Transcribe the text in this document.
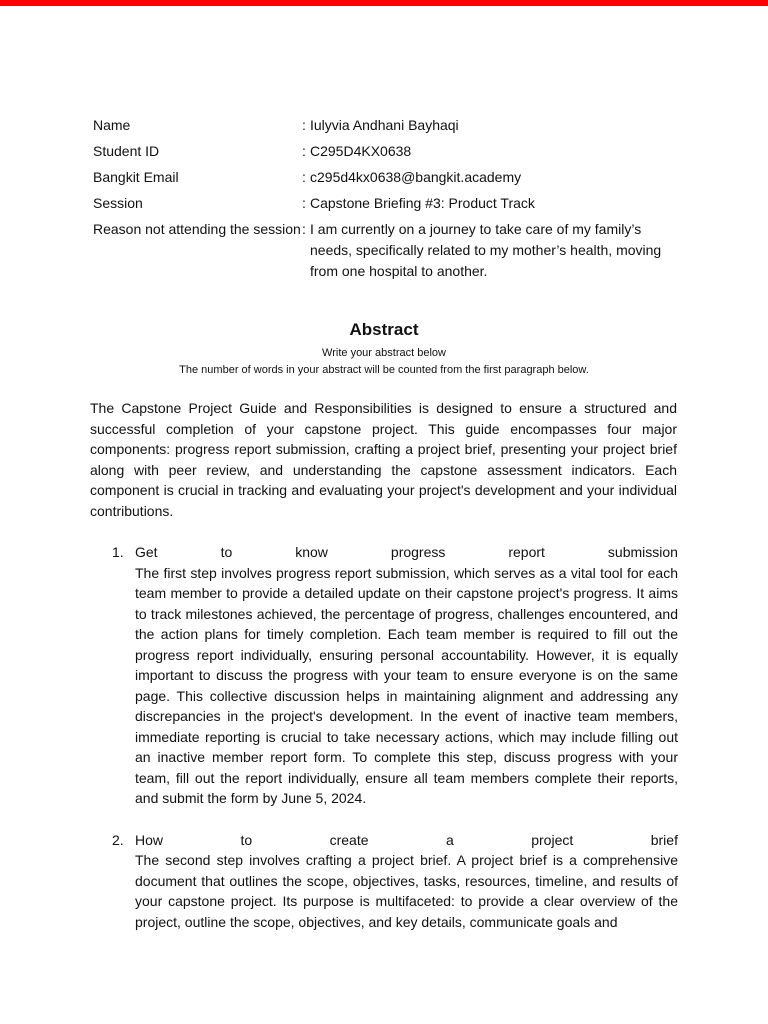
Name	: Iulyvia Andhani Bayhaqi
Student ID	: C295D4KX0638
Bangkit Email	: c295d4kx0638@bangkit.academy
Session	: Capstone Briefing #3: Product Track
Reason not attending the session : I am currently on a journey to take care of my family’s needs, specifically related to my mother’s health, moving from one hospital to another.
Abstract
Write your abstract below
The number of words in your abstract will be counted from the first paragraph below.

The Capstone Project Guide and Responsibilities is designed to ensure a structured and successful completion of your capstone project. This guide encompasses four major components: progress report submission, crafting a project brief, presenting your project brief along with peer review, and understanding the capstone assessment indicators. Each component is crucial in tracking and evaluating your project's development and your individual contributions.

1. Get	to	know	progress	report	submission

The first step involves progress report submission, which serves as a vital tool for each team member to provide a detailed update on their capstone project's progress. It aims to track milestones achieved, the percentage of progress, challenges encountered, and the action plans for timely completion. Each team member is required to fill out the progress report individually, ensuring personal accountability. However, it is equally important to discuss the progress with your team to ensure everyone is on the same page. This collective discussion helps in maintaining alignment and addressing any discrepancies in the project's development. In the event of inactive team members, immediate reporting is crucial to take necessary actions, which may include filling out an inactive member report form. To complete this step, discuss progress with your team, fill out the report individually, ensure all team members complete their reports, and submit the form by June 5, 2024.

2. How	to	create	a	project	brief

The second step involves crafting a project brief. A project brief is a comprehensive document that outlines the scope, objectives, tasks, resources, timeline, and results of your capstone project. Its purpose is multifaceted: to provide a clear overview of the project, outline the scope, objectives, and key details, communicate goals and
